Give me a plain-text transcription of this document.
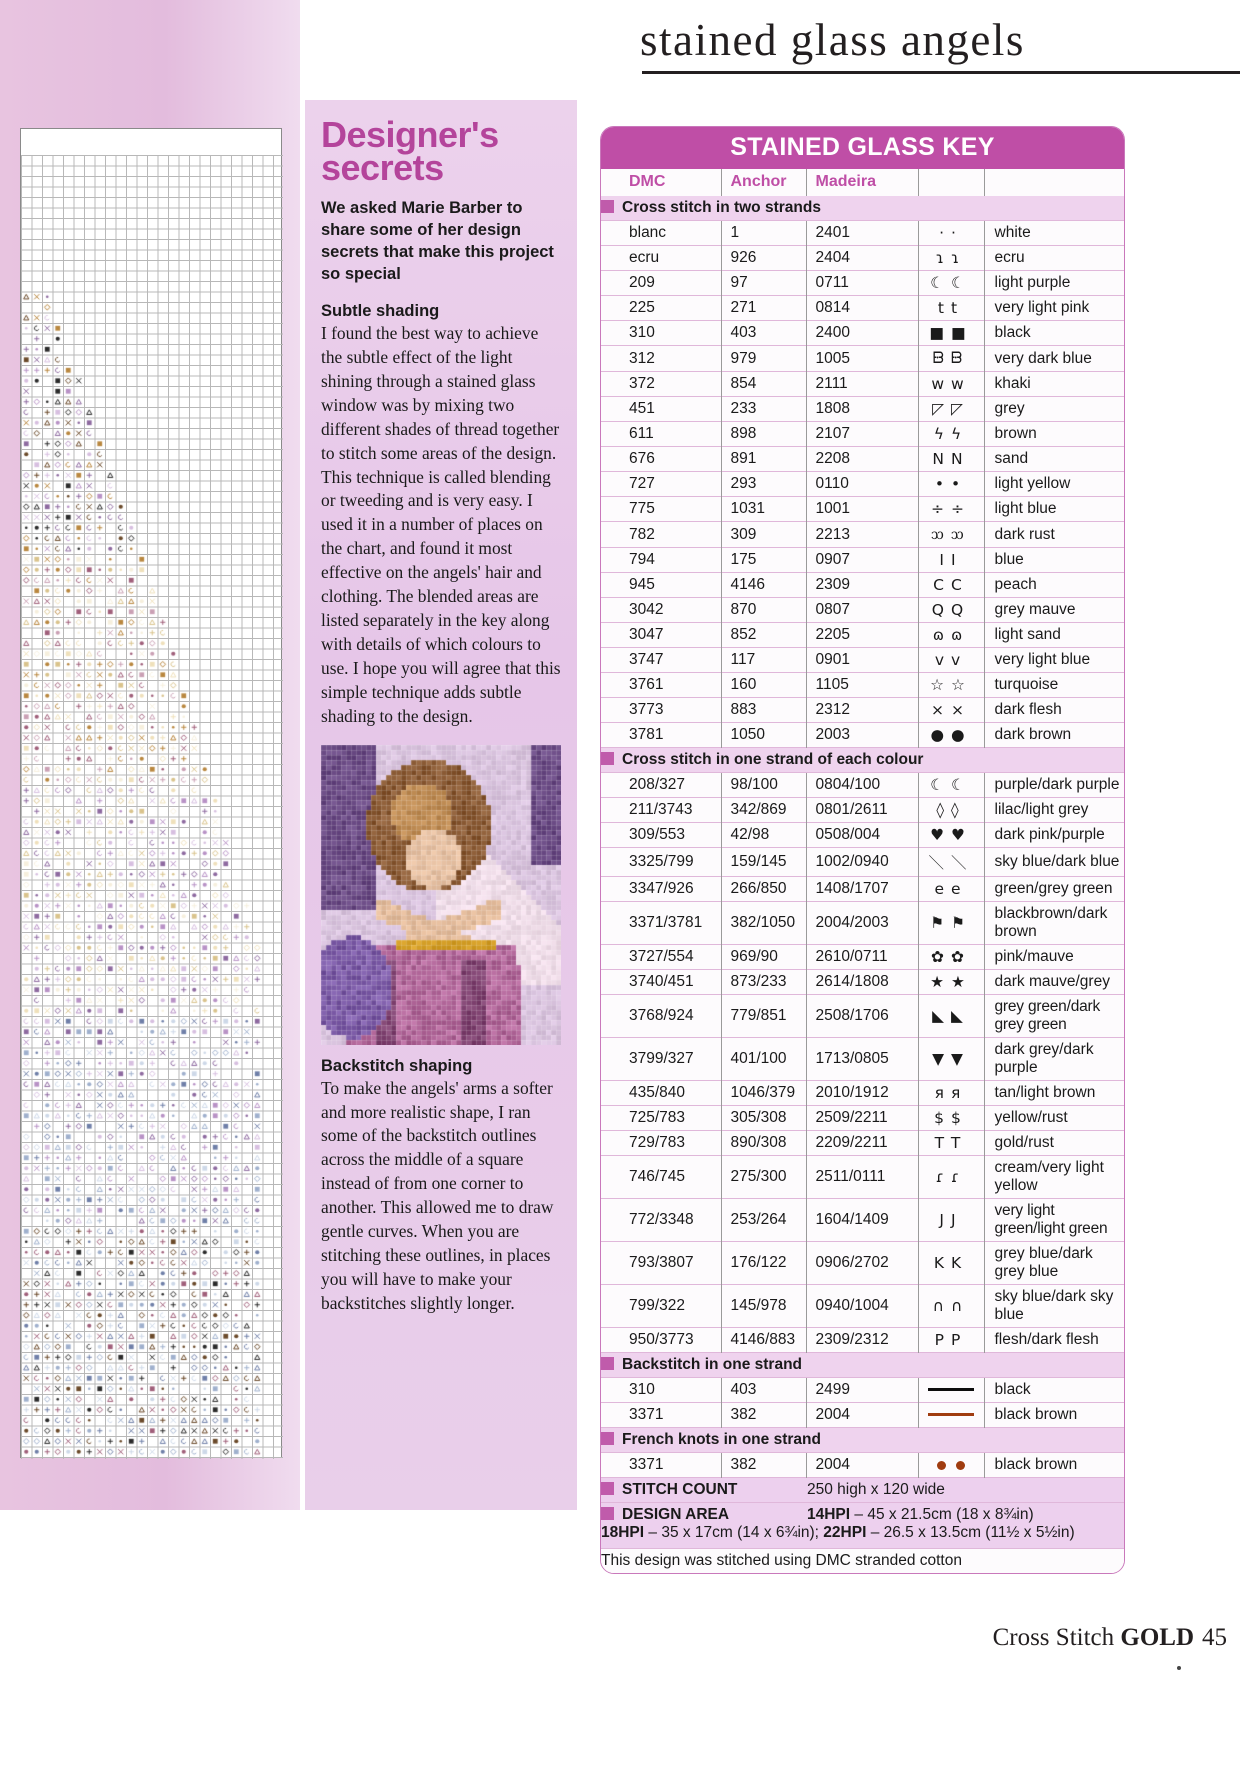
stained glass angels
Designer's
secrets
We asked Marie Barber to share some of her design secrets that make this project so special
Subtle shading
I found the best way to achieve the subtle effect of the light shining through a stained glass window was by mixing two different shades of thread together to stitch some areas of the design. This technique is called blending or tweeding and is very easy. I used it in a number of places on the chart, and found it most effective on the angels' hair and clothing. The blended areas are listed separately in the key along with details of which colours to use. I hope you will agree that this simple technique adds subtle shading to the design.
Backstitch shaping
To make the angels' arms a softer and more realistic shape, I ran some of the backstitch outlines across the middle of a square instead of from one corner to another. This allowed me to draw gentle curves. When you are stitching these outlines, in places you will have to make your backstitches slightly longer.
STAINED GLASS KEY
DMC	Anchor	Madeira		
Cross stitch in two strands				
blanc	1	2401	··	white
ecru	926	2404	ɿɿ	ecru
209	97	0711	☾☾	light purple
225	271	0814	tt	very light pink
310	403	2400	■■	black
312	979	1005	ᗹᗹ	very dark blue
372	854	2111	ww	khaki
451	233	1808	◸◸	grey
611	898	2107	ϟϟ	brown
676	891	2208	NN	sand
727	293	0110	••	light yellow
775	1031	1001	÷÷	light blue
782	309	2213	ᦉᦉ	dark rust
794	175	0907	II	blue
945	4146	2309	CC	peach
3042	870	0807	QQ	grey mauve
3047	852	2205	ɷɷ	light sand
3747	117	0901	vv	very light blue
3761	160	1105	☆☆	turquoise
3773	883	2312	××	dark flesh
3781	1050	2003	●●	dark brown
Cross stitch in one strand of each colour				
208/327	98/100	0804/100	☾☾	purple/dark purple
211/3743	342/869	0801/2611	◊◊	lilac/light grey
309/553	42/98	0508/004	♥♥	dark pink/purple
3325/799	159/145	1002/0940	＼＼	sky blue/dark blue
3347/926	266/850	1408/1707	ee	green/grey green
3371/3781	382/1050	2004/2003	⚑⚑	blackbrown/dark brown
3727/554	969/90	2610/0711	✿✿	pink/mauve
3740/451	873/233	2614/1808	★★	dark mauve/grey
3768/924	779/851	2508/1706	◣◣	grey green/dark grey green
3799/327	401/100	1713/0805	▼▼	dark grey/dark purple
435/840	1046/379	2010/1912	яя	tan/light brown
725/783	305/308	2509/2211	$$	yellow/rust
729/783	890/308	2209/2211	TT	gold/rust
746/745	275/300	2511/0111	ɾɾ	cream/very light yellow
772/3348	253/264	1604/1409	JJ	very light green/light green
793/3807	176/122	0906/2702	KK	grey blue/dark grey blue
799/322	145/978	0940/1004	∩∩	sky blue/dark sky blue
950/3773	4146/883	2309/2312	PP	flesh/dark flesh
Backstitch in one strand				
310	403	2499		black
3371	382	2004		black brown
French knots in one strand				
3371	382	2004		black brown
STITCH COUNT 250 high x 120 wide				
DESIGN AREA 14HPI – 45 x 21.5cm (18 x 8¾in)
18HPI – 35 x 17cm (14 x 6¾in); 22HPI – 26.5 x 13.5cm (11½ x 5½in)				
This design was stitched using DMC stranded cotton				
Cross Stitch GOLD 45
